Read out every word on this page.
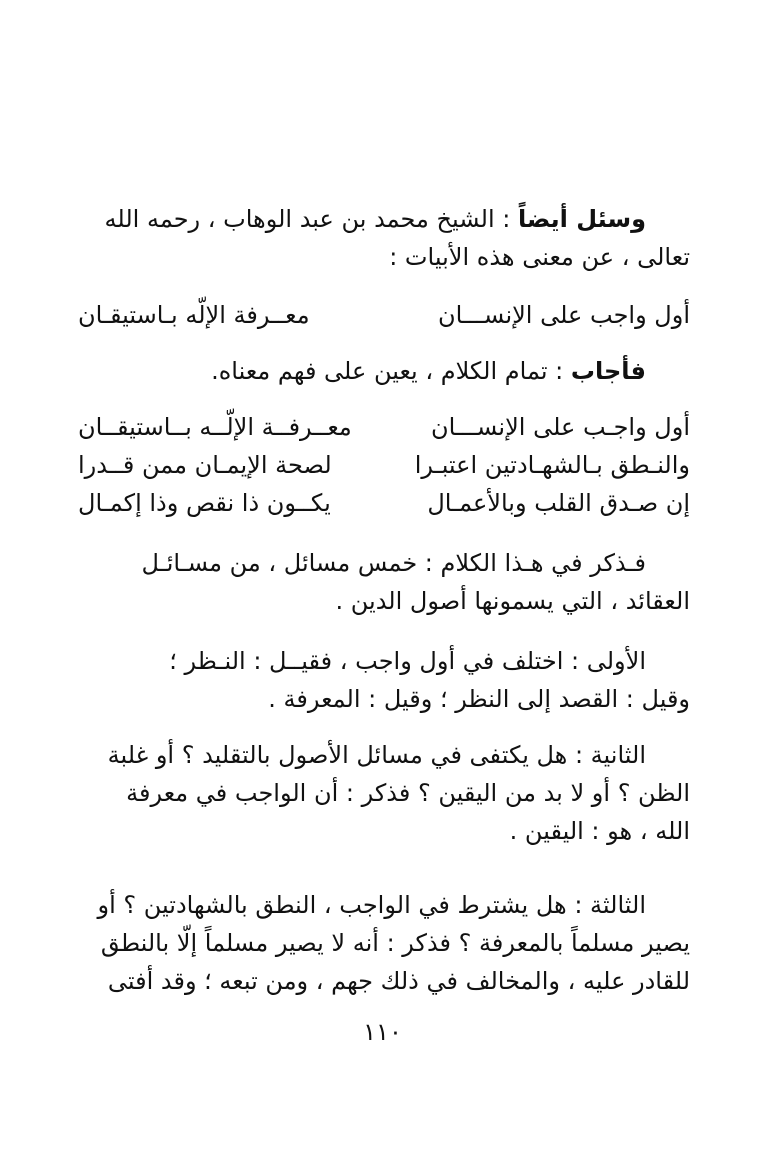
وسئل أيضاً : الشيخ محمد بن عبد الوهاب ، رحمه الله
تعالى ، عن معنى هذه الأبيات :
أول واجب على الإنســـان
معــرفة الإلّه بـاستيقـان
فأجاب : تمام الكلام ، يعين على فهم معناه.
أول واجـب على الإنســـان
معــرفــة الإلّــه بــاستيقــان
والنـطق بـالشهـادتين اعتبـرا
لصحة الإيمـان ممن قــدرا
إن صـدق القلب وبالأعمـال
يكــون ذا نقص وذا إكمـال
فـذكر في هـذا الكلام : خمس مسائل ، من مسـائـل
العقائد ، التي يسمونها أصول الدين .
الأولى : اختلف في أول واجب ، فقيــل : النـظر ؛
وقيل : القصد إلى النظر ؛ وقيل : المعرفة .
الثانية : هل يكتفى في مسائل الأصول بالتقليد ؟ أو غلبة
الظن ؟ أو لا بد من اليقين ؟ فذكر : أن الواجب في معرفة
الله ، هو : اليقين .
الثالثة : هل يشترط في الواجب ، النطق بالشهادتين ؟ أو
يصير مسلماً بالمعرفة ؟ فذكر : أنه لا يصير مسلماً إلّا بالنطق
للقادر عليه ، والمخالف في ذلك جهم ، ومن تبعه ؛ وقد أفتى
١١٠
